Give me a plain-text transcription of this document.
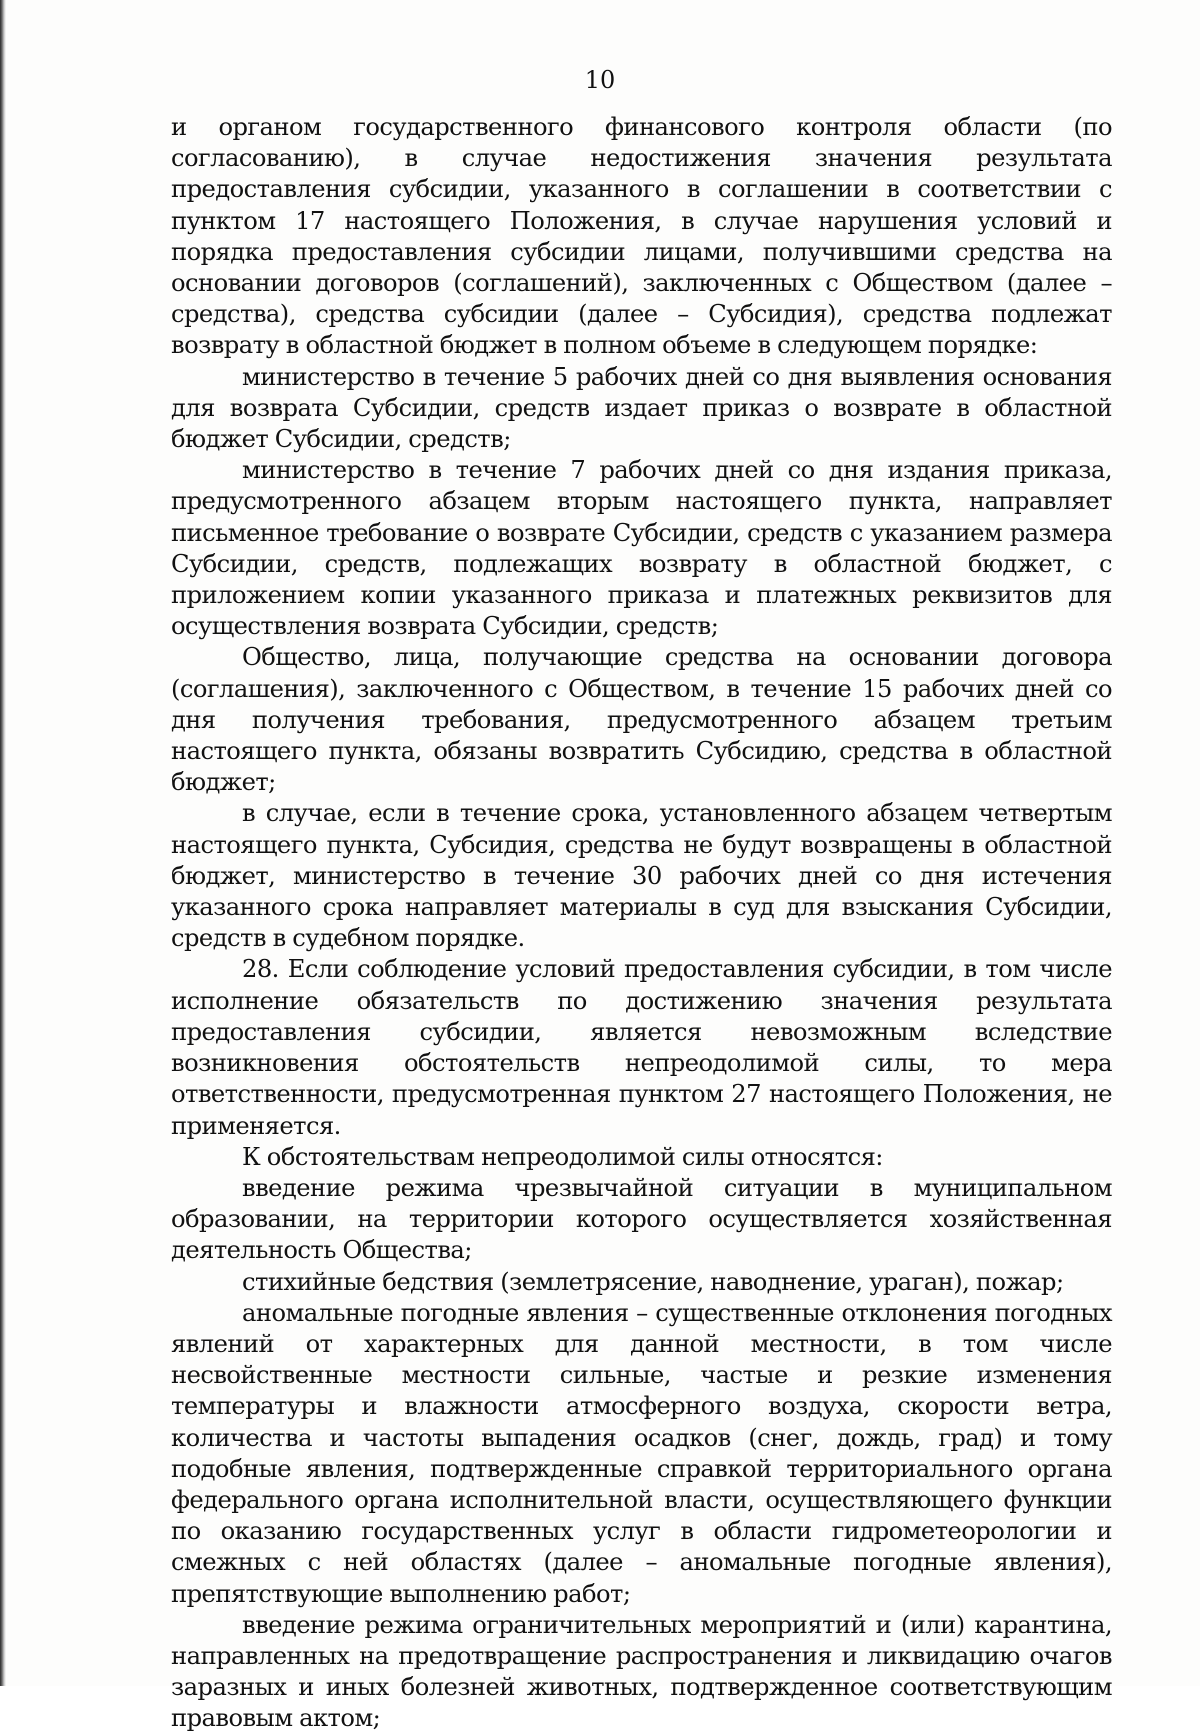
10

и органом государственного финансового контроля области (по согласованию), в случае недостижения значения результата предоставления субсидии, указанного в соглашении в соответствии с пунктом 17 настоящего Положения, в случае нарушения условий и порядка предоставления субсидии лицами, получившими средства на основании договоров (соглашений), заключенных с Обществом (далее – средства), средства субсидии (далее – Субсидия), средства подлежат возврату в областной бюджет в полном объеме в следующем порядке:

министерство в течение 5 рабочих дней со дня выявления основания для возврата Субсидии, средств издает приказ о возврате в областной бюджет Субсидии, средств;

министерство в течение 7 рабочих дней со дня издания приказа, предусмотренного абзацем вторым настоящего пункта, направляет письменное требование о возврате Субсидии, средств с указанием размера Субсидии, средств, подлежащих возврату в областной бюджет, с приложением копии указанного приказа и платежных реквизитов для осуществления возврата Субсидии, средств;

Общество, лица, получающие средства на основании договора (соглашения), заключенного с Обществом, в течение 15 рабочих дней со дня получения требования, предусмотренного абзацем третьим настоящего пункта, обязаны возвратить Субсидию, средства в областной бюджет;

в случае, если в течение срока, установленного абзацем четвертым настоящего пункта, Субсидия, средства не будут возвращены в областной бюджет, министерство в течение 30 рабочих дней со дня истечения указанного срока направляет материалы в суд для взыскания Субсидии, средств в судебном порядке.

28. Если соблюдение условий предоставления субсидии, в том числе исполнение обязательств по достижению значения результата предоставления субсидии, является невозможным вследствие возникновения обстоятельств непреодолимой силы, то мера ответственности, предусмотренная пунктом 27 настоящего Положения, не применяется.

К обстоятельствам непреодолимой силы относятся:

введение режима чрезвычайной ситуации в муниципальном образовании, на территории которого осуществляется хозяйственная деятельность Общества;

стихийные бедствия (землетрясение, наводнение, ураган), пожар;

аномальные погодные явления – существенные отклонения погодных явлений от характерных для данной местности, в том числе несвойственные местности сильные, частые и резкие изменения температуры и влажности атмосферного воздуха, скорости ветра, количества и частоты выпадения осадков (снег, дождь, град) и тому подобные явления, подтвержденные справкой территориального органа федерального органа исполнительной власти, осуществляющего функции по оказанию государственных услуг в области гидрометеорологии и смежных с ней областях (далее – аномальные погодные явления), препятствующие выполнению работ;

введение режима ограничительных мероприятий и (или) карантина, направленных на предотвращение распространения и ликвидацию очагов заразных и иных болезней животных, подтвержденное соответствующим правовым актом;
